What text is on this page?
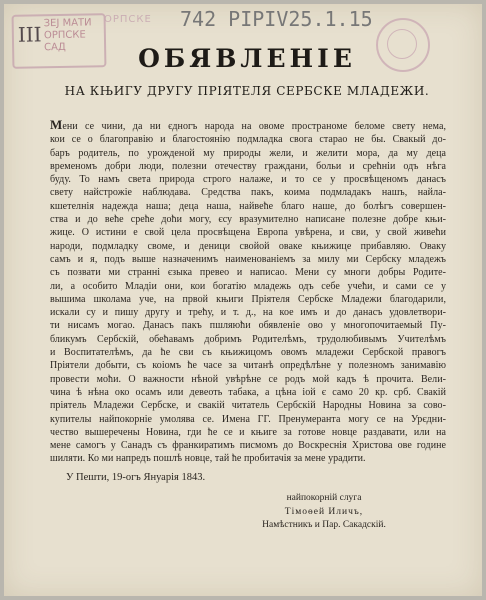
III ЗЕЈ МАТИ
ОРПСКЕ
САД
ОРПСКЕ 742 PIPIV25.1.15
ОБЯВЛЕНІЕ
НА КЊИГУ ДРУГУ ПРІЯТЕЛЯ СЕРБСКЕ МЛАДЕЖИ.
Мени се чини, да ни єдногъ народа на овоме пространоме беломе свету нема,
кои се о благоправію и благостоянію подмладка свога старао не бы. Свакый до-
баръ родитель, по урожденой му природы жели, и желити мора, да му деца
временомъ добри люди, полезни отечеству граждани, больи и срећніи одъ нѣга
буду. То намъ света природа строго налаже, и то се у просвѣщеномъ данасъ
свету найстрожіе наблюдава. Средства пакъ, коима подмладакъ нашъ, найла-
кшетелнія надежда наша; деца наша, найвећe благо наше, до болѣгъ совершен-
ства и до веће среће доћи могу, єсу вразумително написане полезне добре књи-
жице. О истини е свой цела просвѣщена Европа увѣрена, и сви, у свой живећи
народи, подмладку своме, и деници свойой оваке књижице прибавляю. Оваку
самъ и я, подъ выше назначенимъ наименованiемъ за милу ми Сербску младежъ
съ позвати ми страннi єзыка превео и написао. Мени су многи добры Родите-
ли, а особито Младіи они, кои богатію младежь одъ себе учећи, и сами се у
вышима школама уче, на првой књиги Пріятеля Сербске Младежи благодарили,
искали су и пишу другу и трећу, и т. д., на кое имъ и до данасъ удовлетвори-
ти нисамъ могао. Данасъ пакъ пшляюћи обявленіе ово у многопочитаемый Пу-
бликумъ Сербскій, обећавамъ добримъ Родителѣмъ, трудолюбивымъ Учителѣмъ
и Воспитателѣмъ, да ће сви съ књижицомъ овомъ младежи Сербской правогъ
Пріятели добыти, съ коіомъ ће часе за читанѣ опредѣлѣне у полезномъ занимавію
провести моћи. О важности нѣной увѣрѣне се родъ мой кадъ ѣ прочита. Вели-
чина ѣ нѣна око осамъ или девеоть табака, а цѣна іой є само 20 кр. срб. Свакій
пріятель Младежи Сербске, и свакій читатель Сербскій Народны Новина за сово-
купителы найпокорніе умолява се. Имена ГГ. Пренумеранта могу се на Урєдни-
чество вышеречены Новина, гди ће се и књиге за готове новце раздавати, или на
мене самогъ у Санадъ съ франкиратимъ писмомъ до Воскреснія Христова ове године
шиляти. Ко ми напредъ пошлѣ новце, тай ће пробитачія за мене урадити.
У Пешти, 19-огъ Януарія 1843.
найпокорній слуга
Тімоѳей Иличъ,
Намѣстникъ и Пар. Сакадскій.
